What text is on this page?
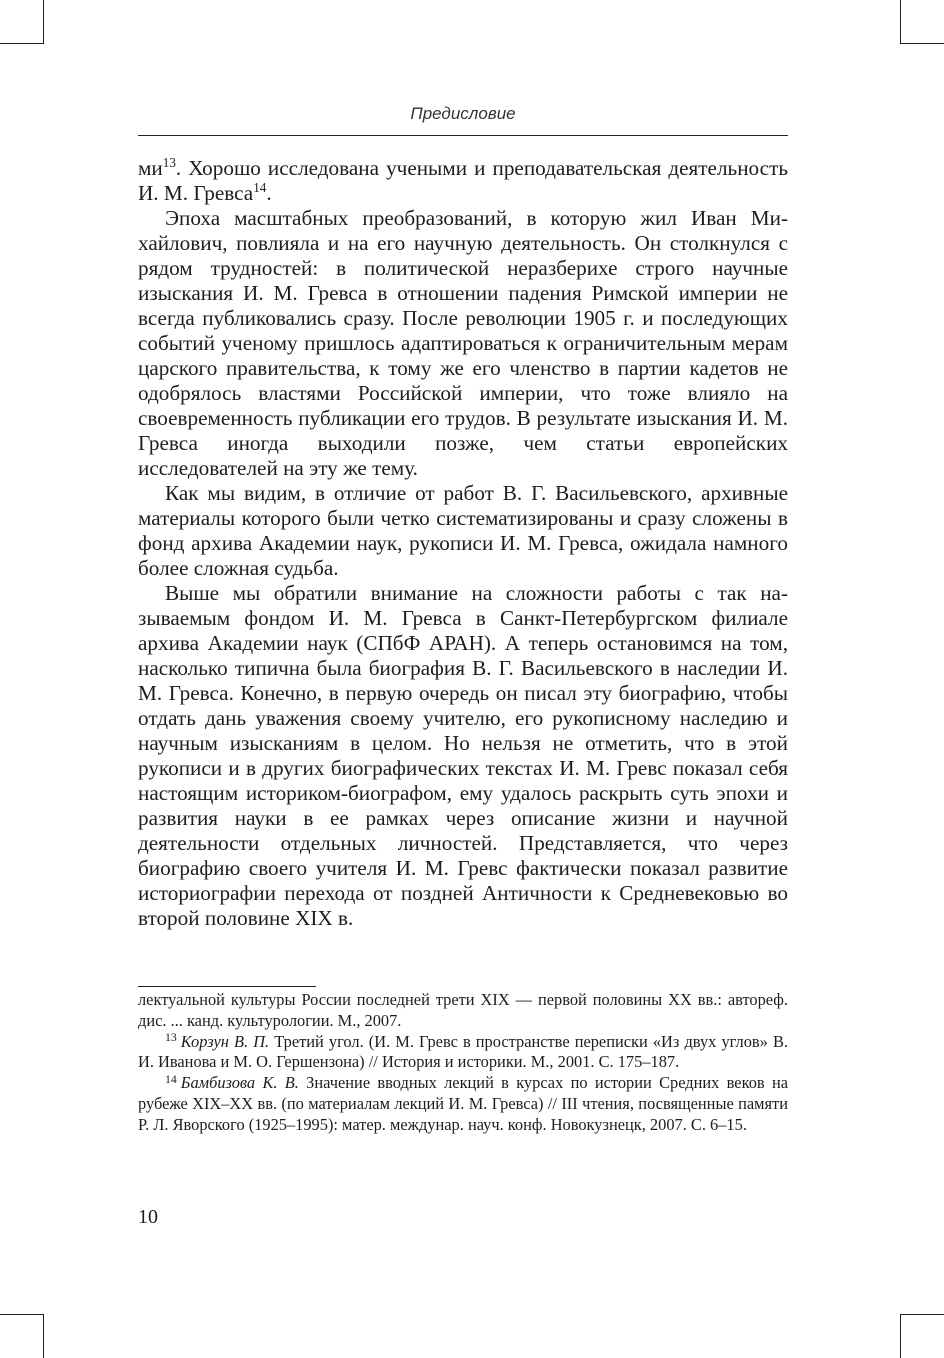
Предисловие

$ми^{13}$. Хорошо исследована учеными и преподавательская деятельность И. М. Гревса$^{14}$.

Эпоха масштабных преобразований, в которую жил Иван Михайлович, повлияла и на его научную деятельность. Он столкнулся с рядом трудностей: в политической неразберихе строго научные изыскания И. М. Гревса в отношении падения Римской империи не всегда публиковались сразу. После революции 1905 г. и последующих событий ученому пришлось адаптироваться к ограничительным мерам царского правительства, к тому же его членство в партии кадетов не одобрялось властями Российской империи, что тоже влияло на своевременность публикации его трудов. В результате изыскания И. М. Гревса иногда выходили позже, чем статьи европейских исследователей на эту же тему.

Как мы видим, в отличие от работ В. Г. Васильевского, архивные материалы которого были четко систематизированы и сразу сложены в фонд архива Академии наук, рукописи И. М. Гревса, ожидала намного более сложная судьба.

Выше мы обратили внимание на сложности работы с так называемым фондом И. М. Гревса в Санкт-Петербургском филиале архива Академии наук (СПбФ АРАН). А теперь остановимся на том, насколько типична была биография В. Г. Васильевского в наследии И. М. Гревса. Конечно, в первую очередь он писал эту биографию, чтобы отдать дань уважения своему учителю, его рукописному наследию и научным изысканиям в целом. Но нельзя не отметить, что в этой рукописи и в других биографических текстах И. М. Гревс показал себя настоящим историком-биографом, ему удалось раскрыть суть эпохи и развития науки в ее рамках через описание жизни и научной деятельности отдельных личностей. Представляется, что через биографию своего учителя И. М. Гревс фактически показал развитие историографии перехода от поздней Античности к Средневековью во второй половине XIX в.

лектуальной культуры России последней трети XIX — первой половины XX вв.: автореф. дис. ... канд. культурологии. М., 2007.

$^{13}$ Корзун В. П. Третий угол. (И. М. Гревс в пространстве переписки «Из двух углов» В. И. Иванова и М. О. Гершензона) // История и историки. М., 2001. С. 175–187.

$^{14}$ Бамбизова К. В. Значение вводных лекций в курсах по истории Средних веков на рубеже XIX–XX вв. (по материалам лекций И. М. Гревса) // III чтения, посвященные памяти Р. Л. Яворского (1925–1995): матер. междунар. науч. конф. Новокузнецк, 2007. С. 6–15.

10
